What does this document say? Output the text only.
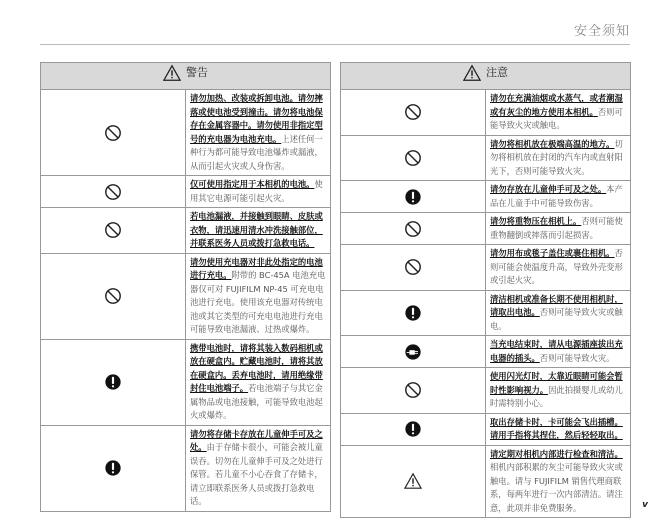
安全须知
警告	

	请勿加热、改装或拆卸电池。请勿摔落或使电池受到撞击。请勿将电池保存在金属容器中。请勿使用非指定型号的充电器为电池充电。上述任何一种行为都可能导致电池爆炸或漏液，从而引起火灾或人身伤害。
	仅可使用指定用于本相机的电池。使用其它电源可能引起火灾。
	若电池漏液，并接触到眼睛、皮肤或衣物，请迅速用清水冲洗接触部位，并联系医务人员或拨打急救电话。
	请勿使用充电器对非此处指定的电池进行充电。附带的 BC-45A 电池充电器仅可对 FUJIFILM NP-45 可充电电池进行充电。使用该充电器对传统电池或其它类型的可充电电池进行充电可能导致电池漏液、过热或爆炸。
	携带电池时，请将其装入数码相机或放在硬盒内。贮藏电池时，请将其放在硬盒内。丢弃电池时，请用绝缘带封住电池端子。若电池端子与其它金属物品或电池接触，可能导致电池起火或爆炸。
	请勿将存储卡存放在儿童伸手可及之处。由于存储卡很小，可能会被儿童误吞。切勿在儿童伸手可及之处进行保管。若儿童不小心吞食了存储卡，请立即联系医务人员或拨打急救电话。
注意	

	请勿在充满油烟或水蒸气，或者潮湿或有灰尘的地方使用本相机。否则可能导致火灾或触电。
	请勿将相机放在极端高温的地方。切勿将相机放在封闭的汽车内或直射阳光下，否则可能导致火灾。
	请勿存放在儿童伸手可及之处。本产品在儿童手中可能导致伤害。
	请勿将重物压在相机上。否则可能使重物翻倒或摔落而引起损害。
	请勿用布或毯子盖住或裹住相机。否则可能会使温度升高，导致外壳变形或引起火灾。
	清洁相机或准备长期不使用相机时，请取出电池。否则可能导致火灾或触电。
	当充电结束时，请从电源插座拔出充电器的插头。否则可能导致火灾。
	使用闪光灯时，太靠近眼睛可能会暂时性影响视力。因此拍摄婴儿或幼儿时需特别小心。
	取出存储卡时，卡可能会飞出插槽。请用手指将其捏住，然后轻轻取出。
	请定期对相机内部进行检查和清洁。相机内部积累的灰尘可能导致火灾或触电。请与 FUJIFILM 销售代理商联系，每两年进行一次内部清洁。请注意，此项并非免费服务。	v
